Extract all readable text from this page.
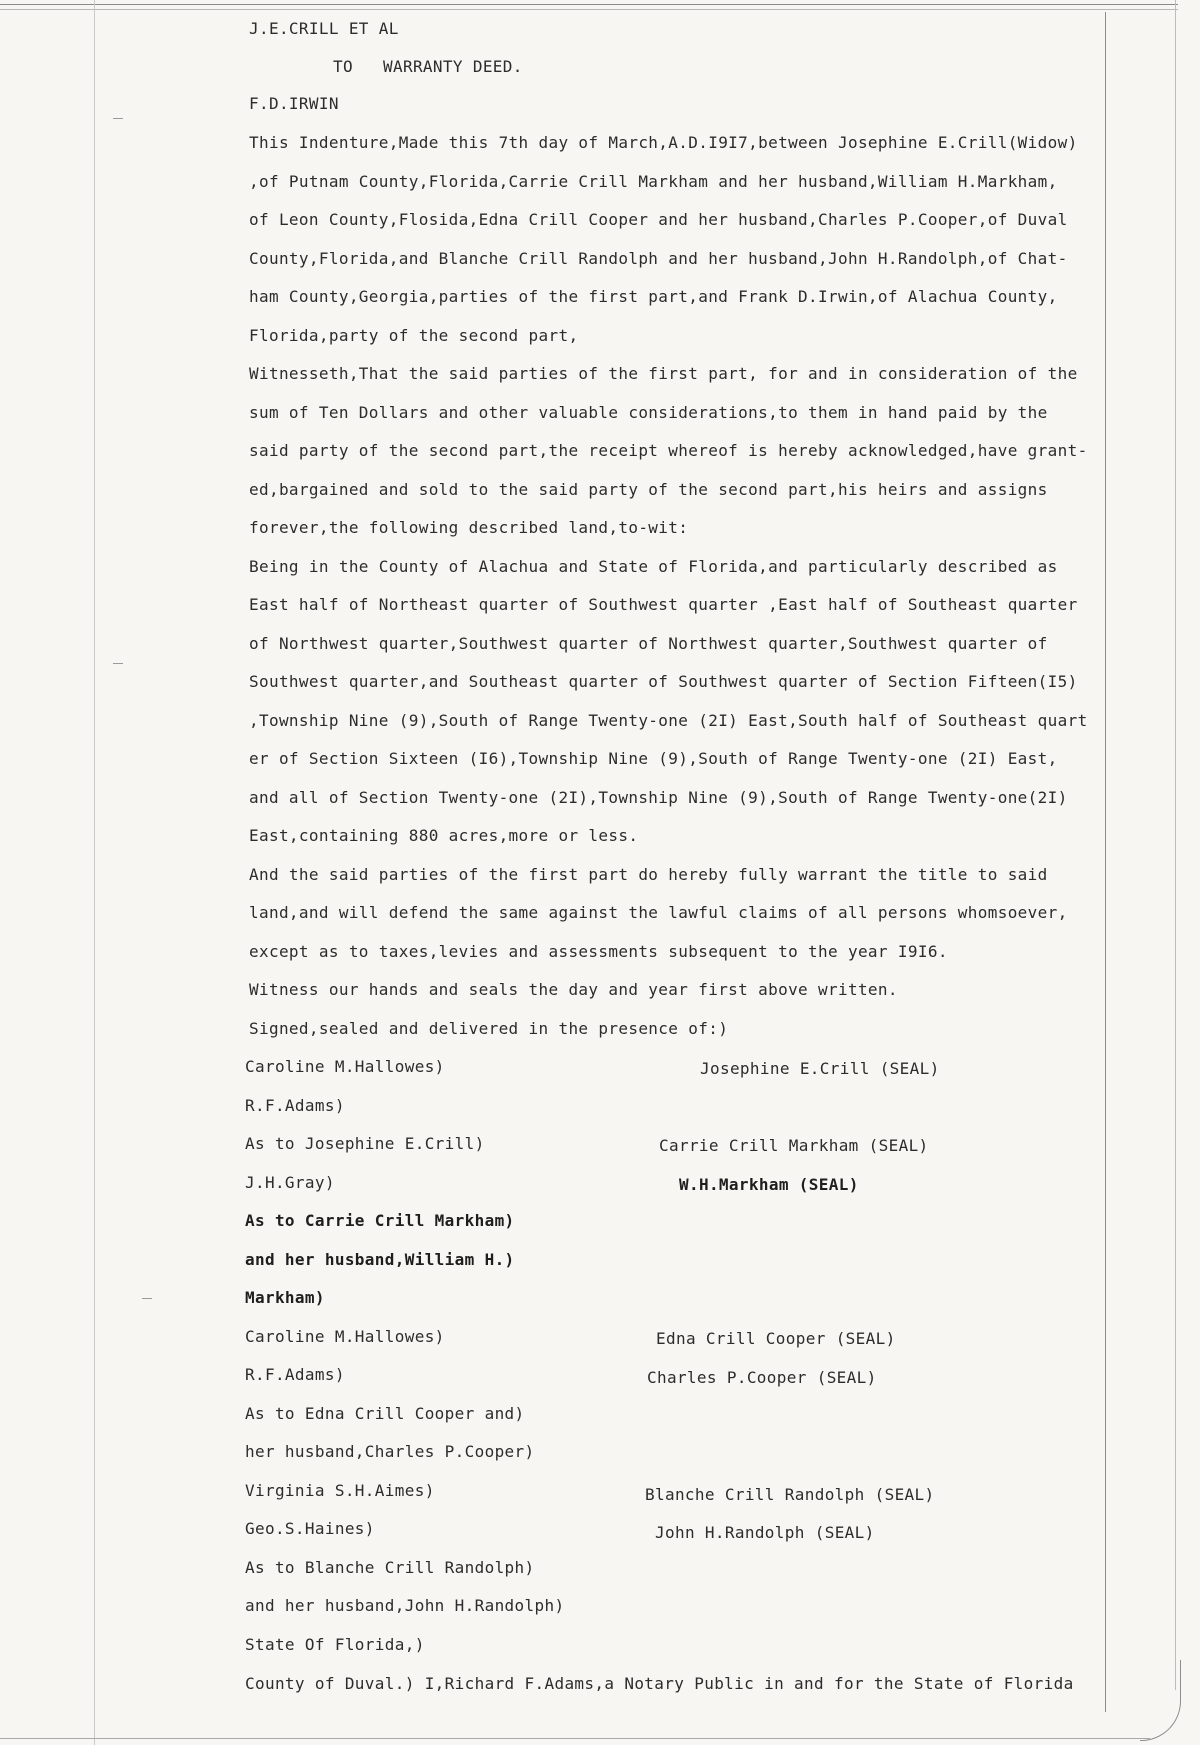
J.E.CRILL ET AL
TO WARRANTY DEED.
F.D.IRWIN
This Indenture,Made this 7th day of March,A.D.I9I7,between Josephine E.Crill(Widow)
,of Putnam County,Florida,Carrie Crill Markham and her husband,William H.Markham,
of Leon County,Flosida,Edna Crill Cooper and her husband,Charles P.Cooper,of Duval
County,Florida,and Blanche Crill Randolph and her husband,John H.Randolph,of Chat-
ham County,Georgia,parties of the first part,and Frank D.Irwin,of Alachua County,
Florida,party of the second part,
Witnesseth,That the said parties of the first part, for and in consideration of the
sum of Ten Dollars and other valuable considerations,to them in hand paid by the
said party of the second part,the receipt whereof is hereby acknowledged,have grant-
ed,bargained and sold to the said party of the second part,his heirs and assigns
forever,the following described land,to-wit:
Being in the County of Alachua and State of Florida,and particularly described as
East half of Northeast quarter of Southwest quarter ,East half of Southeast quarter
of Northwest quarter,Southwest quarter of Northwest quarter,Southwest quarter of
Southwest quarter,and Southeast quarter of Southwest quarter of Section Fifteen(I5)
,Township Nine (9),South of Range Twenty-one (2I) East,South half of Southeast quart
er of Section Sixteen (I6),Township Nine (9),South of Range Twenty-one (2I) East,
and all of Section Twenty-one (2I),Township Nine (9),South of Range Twenty-one(2I)
East,containing 880 acres,more or less.
And the said parties of the first part do hereby fully warrant the title to said
land,and will defend the same against the lawful claims of all persons whomsoever,
except as to taxes,levies and assessments subsequent to the year I9I6.
Witness our hands and seals the day and year first above written.
Signed,sealed and delivered in the presence of:)
Caroline M.Hallowes)
R.F.Adams)
As to Josephine E.Crill)
J.H.Gray)
As to Carrie Crill Markham)
and her husband,William H.)
Markham)
Caroline M.Hallowes)
R.F.Adams)
As to Edna Crill Cooper and)
her husband,Charles P.Cooper)
Virginia S.H.Aimes)
Geo.S.Haines)
As to Blanche Crill Randolph)
and her husband,John H.Randolph)
State Of Florida,)
County of Duval.) I,Richard F.Adams,a Notary Public in and for the State of Florida
Josephine E.Crill (SEAL)
Carrie Crill Markham (SEAL)
W.H.Markham (SEAL)
Edna Crill Cooper (SEAL)
Charles P.Cooper (SEAL)
Blanche Crill Randolph (SEAL)
John H.Randolph (SEAL)
